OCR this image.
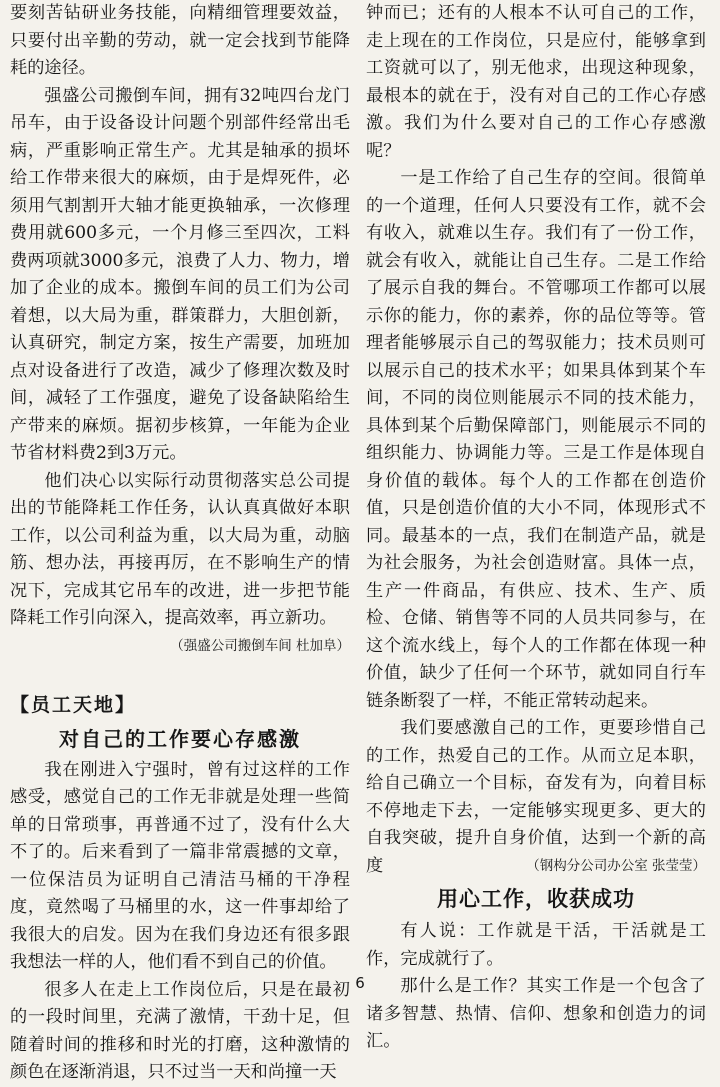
要刻苦钻研业务技能，向精细管理要效益，只要付出辛勤的劳动，就一定会找到节能降耗的途径。

强盛公司搬倒车间，拥有32吨四台龙门吊车，由于设备设计问题个别部件经常出毛病，严重影响正常生产。尤其是轴承的损坏给工作带来很大的麻烦，由于是焊死件，必须用气割割开大轴才能更换轴承，一次修理费用就600多元，一个月修三至四次，工料费两项就3000多元，浪费了人力、物力，增加了企业的成本。搬倒车间的员工们为公司着想，以大局为重，群策群力，大胆创新，认真研究，制定方案，按生产需要，加班加点对设备进行了改造，减少了修理次数及时间，减轻了工作强度，避免了设备缺陷给生产带来的麻烦。据初步核算，一年能为企业节省材料费2到3万元。

他们决心以实际行动贯彻落实总公司提出的节能降耗工作任务，认认真真做好本职工作，以公司利益为重，以大局为重，动脑筋、想办法，再接再厉，在不影响生产的情况下，完成其它吊车的改进，进一步把节能降耗工作引向深入，提高效率，再立新功。

（强盛公司搬倒车间 杜加阜）

【员工天地】
对自己的工作要心存感激

我在刚进入宁强时，曾有过这样的工作感受，感觉自己的工作无非就是处理一些简单的日常琐事，再普通不过了，没有什么大不了的。后来看到了一篇非常震撼的文章，一位保洁员为证明自己清洁马桶的干净程度，竟然喝了马桶里的水，这一件事却给了我很大的启发。因为在我们身边还有很多跟我想法一样的人，他们看不到自己的价值。

很多人在走上工作岗位后，只是在最初的一段时间里，充满了激情，干劲十足，但随着时间的推移和时光的打磨，这种激情的颜色在逐渐消退，只不过当一天和尚撞一天

钟而已；还有的人根本不认可自己的工作，走上现在的工作岗位，只是应付，能够拿到工资就可以了，别无他求，出现这种现象，最根本的就在于，没有对自己的工作心存感激。我们为什么要对自己的工作心存感激呢？

一是工作给了自己生存的空间。很简单的一个道理，任何人只要没有工作，就不会有收入，就难以生存。我们有了一份工作，就会有收入，就能让自己生存。二是工作给了展示自我的舞台。不管哪项工作都可以展示你的能力，你的素养，你的品位等等。管理者能够展示自己的驾驭能力；技术员则可以展示自己的技术水平；如果具体到某个车间，不同的岗位则能展示不同的技术能力，具体到某个后勤保障部门，则能展示不同的组织能力、协调能力等。三是工作是体现自身价值的载体。每个人的工作都在创造价值，只是创造价值的大小不同，体现形式不同。最基本的一点，我们在制造产品，就是为社会服务，为社会创造财富。具体一点，生产一件商品，有供应、技术、生产、质检、仓储、销售等不同的人员共同参与，在这个流水线上，每个人的工作都在体现一种价值，缺少了任何一个环节，就如同自行车链条断裂了一样，不能正常转动起来。

我们要感激自己的工作，更要珍惜自己的工作，热爱自己的工作。从而立足本职，给自己确立一个目标，奋发有为，向着目标不停地走下去，一定能够实现更多、更大的自我突破，提升自身价值，达到一个新的高度	（钢构分公司办公室 张莹莹）

用心工作，收获成功

有人说：工作就是干活，干活就是工作，完成就行了。

那什么是工作？其实工作是一个包含了诸多智慧、热情、信仰、想象和创造力的词汇。

6
